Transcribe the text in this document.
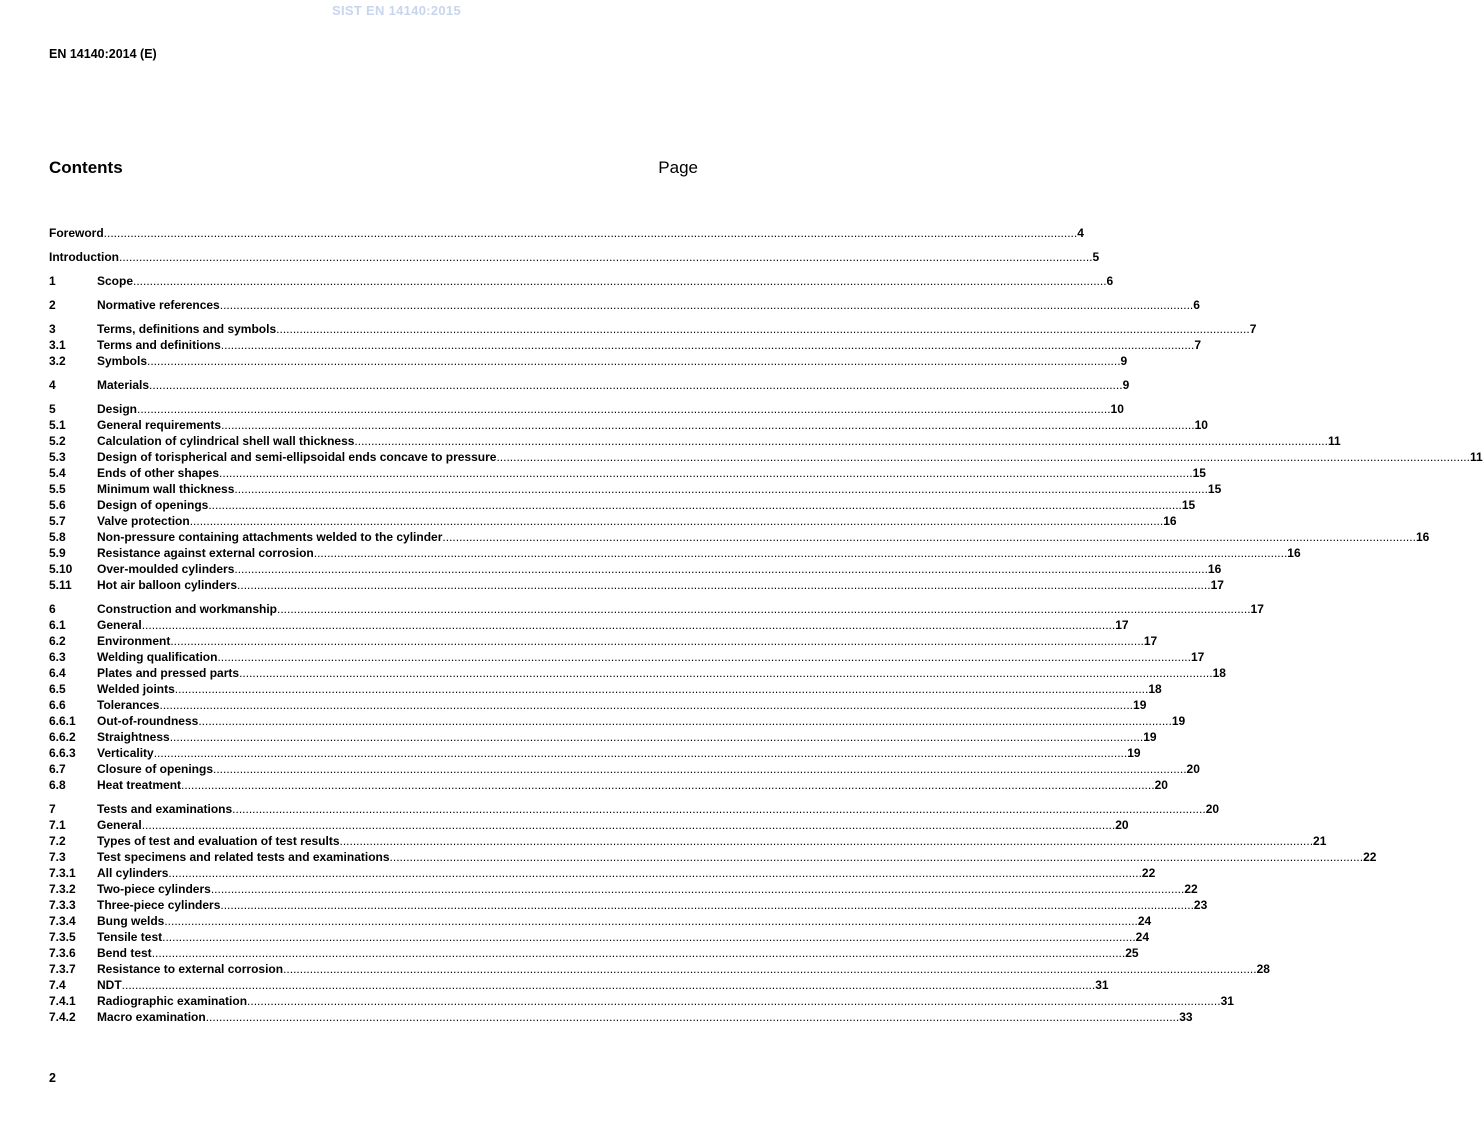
SIST EN 14140:2015
EN 14140:2014 (E)
Contents	Page
Foreword .....	4
Introduction .....	5
1	Scope .....	6
2	Normative references .....	6
3	Terms, definitions and symbols .....	7
3.1	Terms and definitions .....	7
3.2	Symbols .....	9
4	Materials .....	9
5	Design .....	10
5.1	General requirements .....	10
5.2	Calculation of cylindrical shell wall thickness .....	11
5.3	Design of torispherical and semi-ellipsoidal ends concave to pressure .....	11
5.4	Ends of other shapes .....	15
5.5	Minimum wall thickness .....	15
5.6	Design of openings .....	15
5.7	Valve protection .....	16
5.8	Non-pressure containing attachments welded to the cylinder .....	16
5.9	Resistance against external corrosion .....	16
5.10	Over-moulded cylinders .....	16
5.11	Hot air balloon cylinders .....	17
6	Construction and workmanship .....	17
6.1	General .....	17
6.2	Environment .....	17
6.3	Welding qualification .....	17
6.4	Plates and pressed parts .....	18
6.5	Welded joints .....	18
6.6	Tolerances .....	19
6.6.1	Out-of-roundness .....	19
6.6.2	Straightness .....	19
6.6.3	Verticality .....	19
6.7	Closure of openings .....	20
6.8	Heat treatment .....	20
7	Tests and examinations .....	20
7.1	General .....	20
7.2	Types of test and evaluation of test results .....	21
7.3	Test specimens and related tests and examinations .....	22
7.3.1	All cylinders .....	22
7.3.2	Two-piece cylinders .....	22
7.3.3	Three-piece cylinders .....	23
7.3.4	Bung welds .....	24
7.3.5	Tensile test .....	24
7.3.6	Bend test .....	25
7.3.7	Resistance to external corrosion .....	28
7.4	NDT .....	31
7.4.1	Radiographic examination .....	31
7.4.2	Macro examination .....	33
2
